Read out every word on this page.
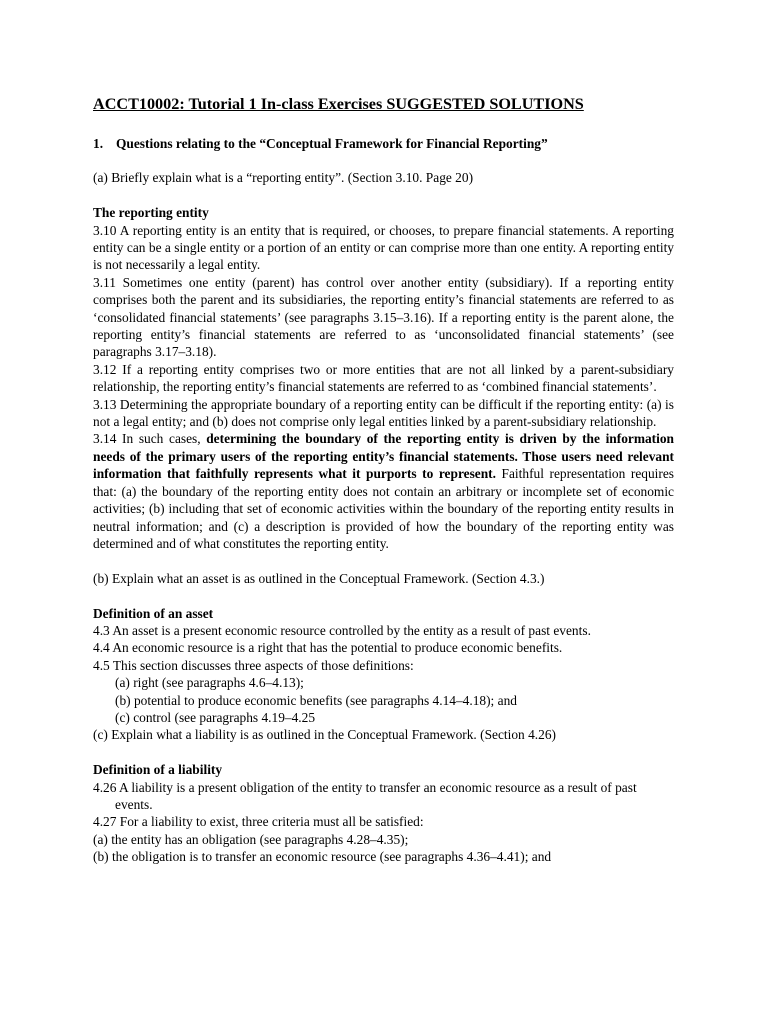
ACCT10002: Tutorial 1 In-class Exercises SUGGESTED SOLUTIONS
1. Questions relating to the “Conceptual Framework for Financial Reporting”

(a) Briefly explain what is a “reporting entity”. (Section 3.10. Page 20)

The reporting entity

3.10 A reporting entity is an entity that is required, or chooses, to prepare financial statements. A reporting entity can be a single entity or a portion of an entity or can comprise more than one entity. A reporting entity is not necessarily a legal entity.

3.11 Sometimes one entity (parent) has control over another entity (subsidiary). If a reporting entity comprises both the parent and its subsidiaries, the reporting entity’s financial statements are referred to as ‘consolidated financial statements’ (see paragraphs 3.15–3.16). If a reporting entity is the parent alone, the reporting entity’s financial statements are referred to as ‘unconsolidated financial statements’ (see paragraphs 3.17–3.18).

3.12 If a reporting entity comprises two or more entities that are not all linked by a parent-subsidiary relationship, the reporting entity’s financial statements are referred to as ‘combined financial statements’.

3.13 Determining the appropriate boundary of a reporting entity can be difficult if the reporting entity: (a) is not a legal entity; and (b) does not comprise only legal entities linked by a parent-subsidiary relationship.

3.14 In such cases, determining the boundary of the reporting entity is driven by the information needs of the primary users of the reporting entity’s financial statements. Those users need relevant information that faithfully represents what it purports to represent. Faithful representation requires that: (a) the boundary of the reporting entity does not contain an arbitrary or incomplete set of economic activities; (b) including that set of economic activities within the boundary of the reporting entity results in neutral information; and (c) a description is provided of how the boundary of the reporting entity was determined and of what constitutes the reporting entity.

(b) Explain what an asset is as outlined in the Conceptual Framework. (Section 4.3.)

Definition of an asset

4.3 An asset is a present economic resource controlled by the entity as a result of past events.

4.4 An economic resource is a right that has the potential to produce economic benefits.

4.5 This section discusses three aspects of those definitions:

(a) right (see paragraphs 4.6–4.13);

(b) potential to produce economic benefits (see paragraphs 4.14–4.18); and

(c) control (see paragraphs 4.19–4.25

(c) Explain what a liability is as outlined in the Conceptual Framework. (Section 4.26)

Definition of a liability

4.26 A liability is a present obligation of the entity to transfer an economic resource as a result of past events.

4.27 For a liability to exist, three criteria must all be satisfied:

(a) the entity has an obligation (see paragraphs 4.28–4.35);

(b) the obligation is to transfer an economic resource (see paragraphs 4.36–4.41); and
